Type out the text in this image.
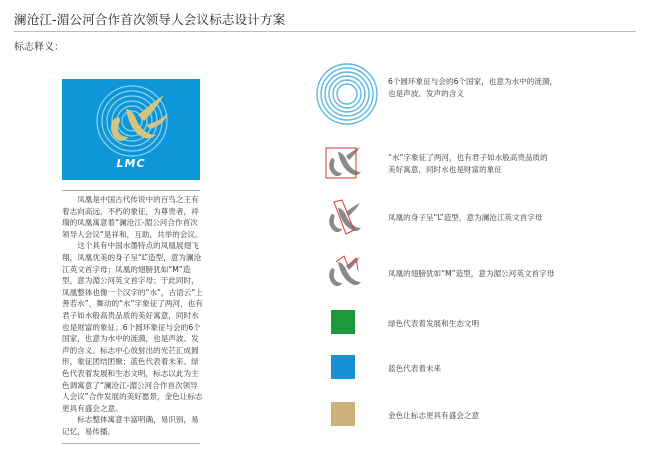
澜沧江-湄公河合作首次领导人会议标志设计方案
标志释义：
LMC

凤凰是中国古代传说中的百鸟之王有着志向高远、不朽的象征，为尊贵者，祥瑞的凤凰寓意着“澜沧江-湄公河合作首次领导人会议“是祥和，互助，共举的会议。

这个具有中国水墨特点的凤凰展翅飞翔，凤凰优美的身子呈“L”造型，意为澜沧江英文首字母；凤凰的翅膀犹如“M”造型，意为湄公河英文首字母；于此同时，凤凰整体也像一个汉字的“水”，古语云“上善若水”，舞动的“水”字象征了两河，也有君子如水般高贵品质的美好寓意，同时水也是财富的象征；6个圆环象征与会的6个国家，也意为水中的涟漪，也是声波、发声的含义。标志中心放射出的光芒汇成圆形，象征团结团聚；蓝色代表着未来、绿色代表着发展和生态文明，标志以此为主色调寓意了“澜沧江-湄公河合作首次领导人会议”合作发展的美好愿景，金色让标志更具有盛会之意。

标志整体寓意丰富明确，易识别，易记忆，易传播。

6个圆环象征与会的6个国家，也意为水中的涟漪，
也是声波、发声的含义
“水”字象征了两河，也有君子如水般高贵品质的
美好寓意，同时水也是财富的象征
凤凰的身子呈“L”造型，意为澜沧江英文首字母
凤凰的翅膀犹如“M”造型，意为湄公河英文首字母
绿色代表着发展和生态文明
蓝色代表着未来
金色让标志更具有盛会之意
